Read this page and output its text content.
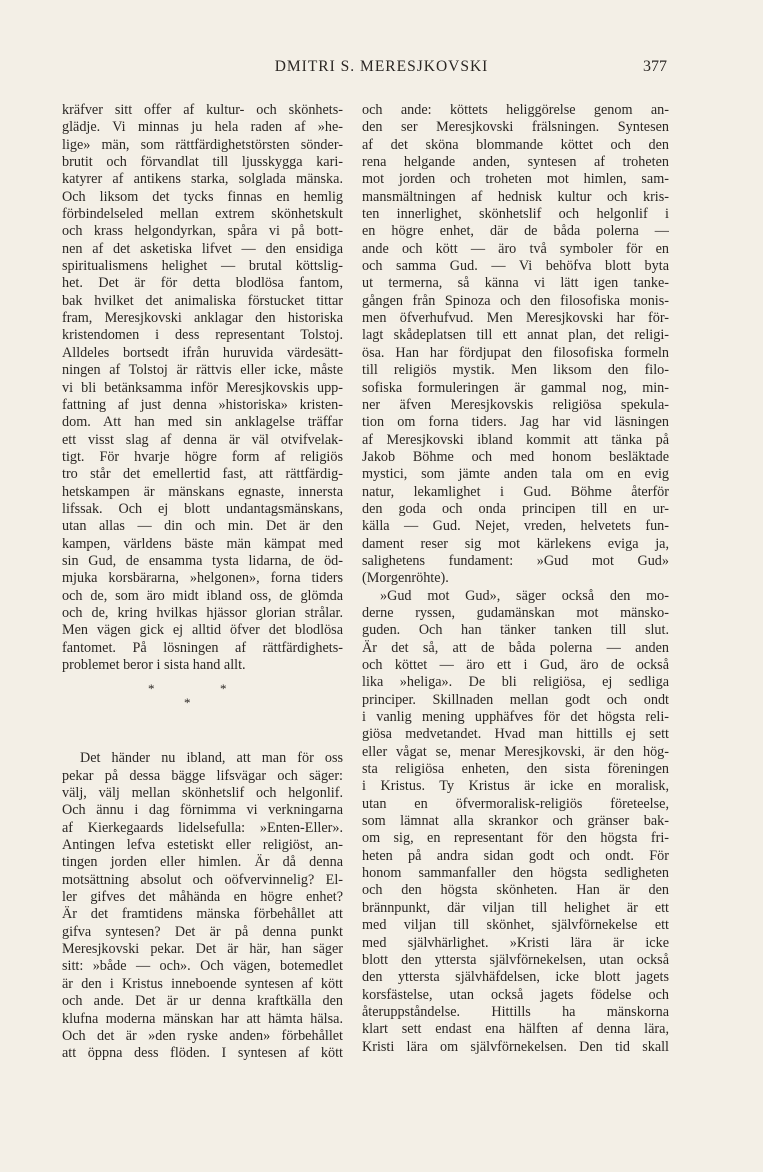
DMITRI S. MERESJKOVSKI	377
kräfver sitt offer af kultur- och skönhets-
glädje. Vi minnas ju hela raden af »he-
lige» män, som rättfärdighetstörsten sönder-
brutit och förvandlat till ljusskygga kari-
katyrer af antikens starka, solglada mänska.
Och liksom det tycks finnas en hemlig
förbindelseled mellan extrem skönhetskult
och krass helgondyrkan, spåra vi på bott-
nen af det asketiska lifvet — den ensidiga
spiritualismens helighet — brutal köttslig-
het. Det är för detta blodlösa fantom,
bak hvilket det animaliska förstucket tittar
fram, Meresjkovski anklagar den historiska
kristendomen i dess representant Tolstoj.
Alldeles bortsedt ifrån huruvida värdesätt-
ningen af Tolstoj är rättvis eller icke, måste
vi bli betänksamma inför Meresjkovskis upp-
fattning af just denna »historiska» kristen-
dom. Att han med sin anklagelse träffar
ett visst slag af denna är väl otvifvelak-
tigt. För hvarje högre form af religiös
tro står det emellertid fast, att rättfärdig-
hetskampen är mänskans egnaste, innersta
lifssak. Och ej blott undantagsmänskans,
utan allas — din och min. Det är den
kampen, världens bäste män kämpat med
sin Gud, de ensamma tysta lidarna, de öd-
mjuka korsbärarna, »helgonen», forna tiders
och de, som äro midt ibland oss, de glömda
och de, kring hvilkas hjässor glorian strålar.
Men vägen gick ej alltid öfver det blodlösa
fantomet. På lösningen af rättfärdighets-
problemet beror i sista hand allt.
*	*
*
Det händer nu ibland, att man för oss
pekar på dessa bägge lifsvägar och säger:
välj, välj mellan skönhetslif och helgonlif.
Och ännu i dag förnimma vi verkningarna
af Kierkegaards lidelsefulla: »Enten-Eller».
Antingen lefva estetiskt eller religiöst, an-
tingen jorden eller himlen. Är då denna
motsättning absolut och oöfvervinnelig? El-
ler gifves det måhända en högre enhet?
Är det framtidens mänska förbehållet att
gifva syntesen? Det är på denna punkt
Meresjkovski pekar. Det är här, han säger
sitt: »både — och». Och vägen, botemedlet
är den i Kristus inneboende syntesen af kött
och ande. Det är ur denna kraftkälla den
klufna moderna mänskan har att hämta hälsa.
Och det är »den ryske anden» förbehållet
att öppna dess flöden. I syntesen af kött
och ande: köttets heliggörelse genom an-
den ser Meresjkovski frälsningen. Syntesen
af det sköna blommande köttet och den
rena helgande anden, syntesen af troheten
mot jorden och troheten mot himlen, sam-
mansmältningen af hednisk kultur och kris-
ten innerlighet, skönhetslif och helgonlif i
en högre enhet, där de båda polerna —
ande och kött — äro två symboler för en
och samma Gud. — Vi behöfva blott byta
ut termerna, så känna vi lätt igen tanke-
gången från Spinoza och den filosofiska monis-
men öfverhufvud. Men Meresjkovski har för-
lagt skådeplatsen till ett annat plan, det religi-
ösa. Han har fördjupat den filosofiska formeln
till religiös mystik. Men liksom den filo-
sofiska formuleringen är gammal nog, min-
ner äfven Meresjkovskis religiösa spekula-
tion om forna tiders. Jag har vid läsningen
af Meresjkovski ibland kommit att tänka på
Jakob Böhme och med honom besläktade
mystici, som jämte anden tala om en evig
natur, lekamlighet i Gud. Böhme återför
den goda och onda principen till en ur-
källa — Gud. Nejet, vreden, helvetets fun-
dament reser sig mot kärlekens eviga ja,
salighetens fundament: »Gud mot Gud»
(Morgenröhte).
»Gud mot Gud», säger också den mo-
derne ryssen, gudamänskan mot mänsko-
guden. Och han tänker tanken till slut.
Är det så, att de båda polerna — anden
och köttet — äro ett i Gud, äro de också
lika »heliga». De bli religiösa, ej sedliga
principer. Skillnaden mellan godt och ondt
i vanlig mening upphäfves för det högsta reli-
giösa medvetandet. Hvad man hittills ej sett
eller vågat se, menar Meresjkovski, är den hög-
sta religiösa enheten, den sista föreningen
i Kristus. Ty Kristus är icke en moralisk,
utan en öfvermoralisk-religiös företeelse,
som lämnat alla skrankor och gränser bak-
om sig, en representant för den högsta fri-
heten på andra sidan godt och ondt. För
honom sammanfaller den högsta sedligheten
och den högsta skönheten. Han är den
brännpunkt, där viljan till helighet är ett
med viljan till skönhet, självförnekelse ett
med självhärlighet. »Kristi lära är icke
blott den yttersta självförnekelsen, utan också
den yttersta självhäfdelsen, icke blott jagets
korsfästelse, utan också jagets födelse och
återuppståndelse. Hittills ha mänskorna
klart sett endast ena hälften af denna lära,
Kristi lära om självförnekelsen. Den tid skall
